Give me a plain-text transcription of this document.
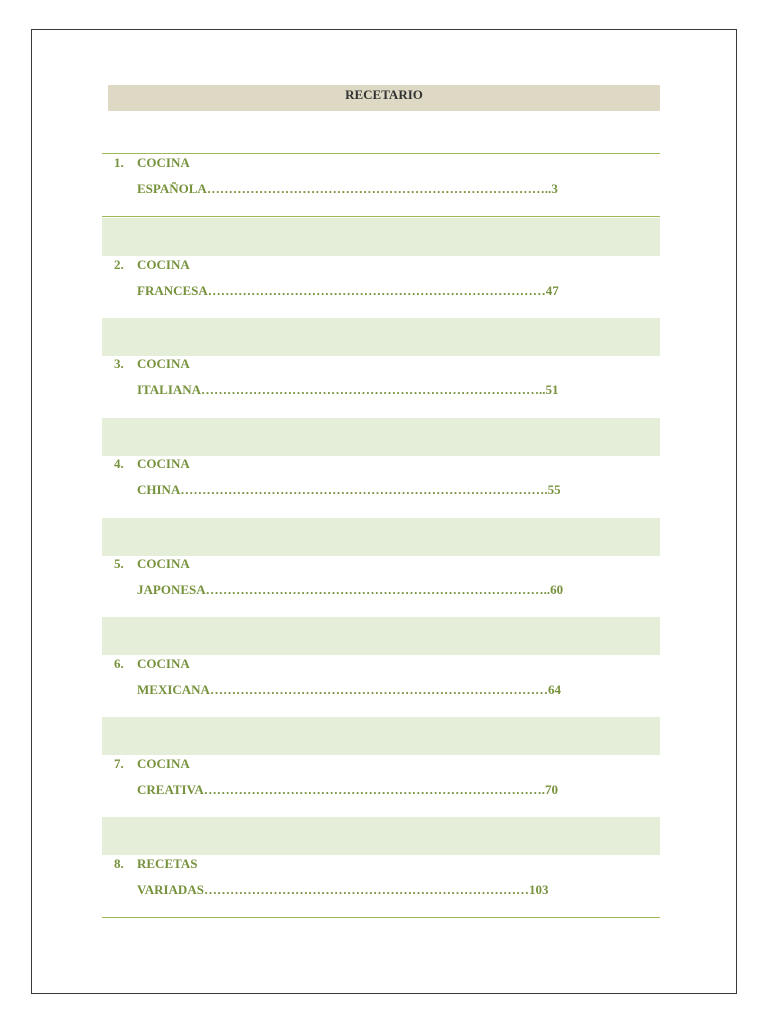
RECETARIO
1. COCINA
ESPAÑOLA……………………………………………………………………..3
2. COCINA
FRANCESA……………………………………………………………………47
3. COCINA
ITALIANA……………………………………………………………………..51
4. COCINA
CHINA………………………………………………………………………….55
5. COCINA
JAPONESA……………………………………………………………………..60
6. COCINA
MEXICANA……………………………………………………………………64
7. COCINA
CREATIVA…………………………………………………………………….70
8. RECETAS
VARIADAS…………………………………………………………………103
